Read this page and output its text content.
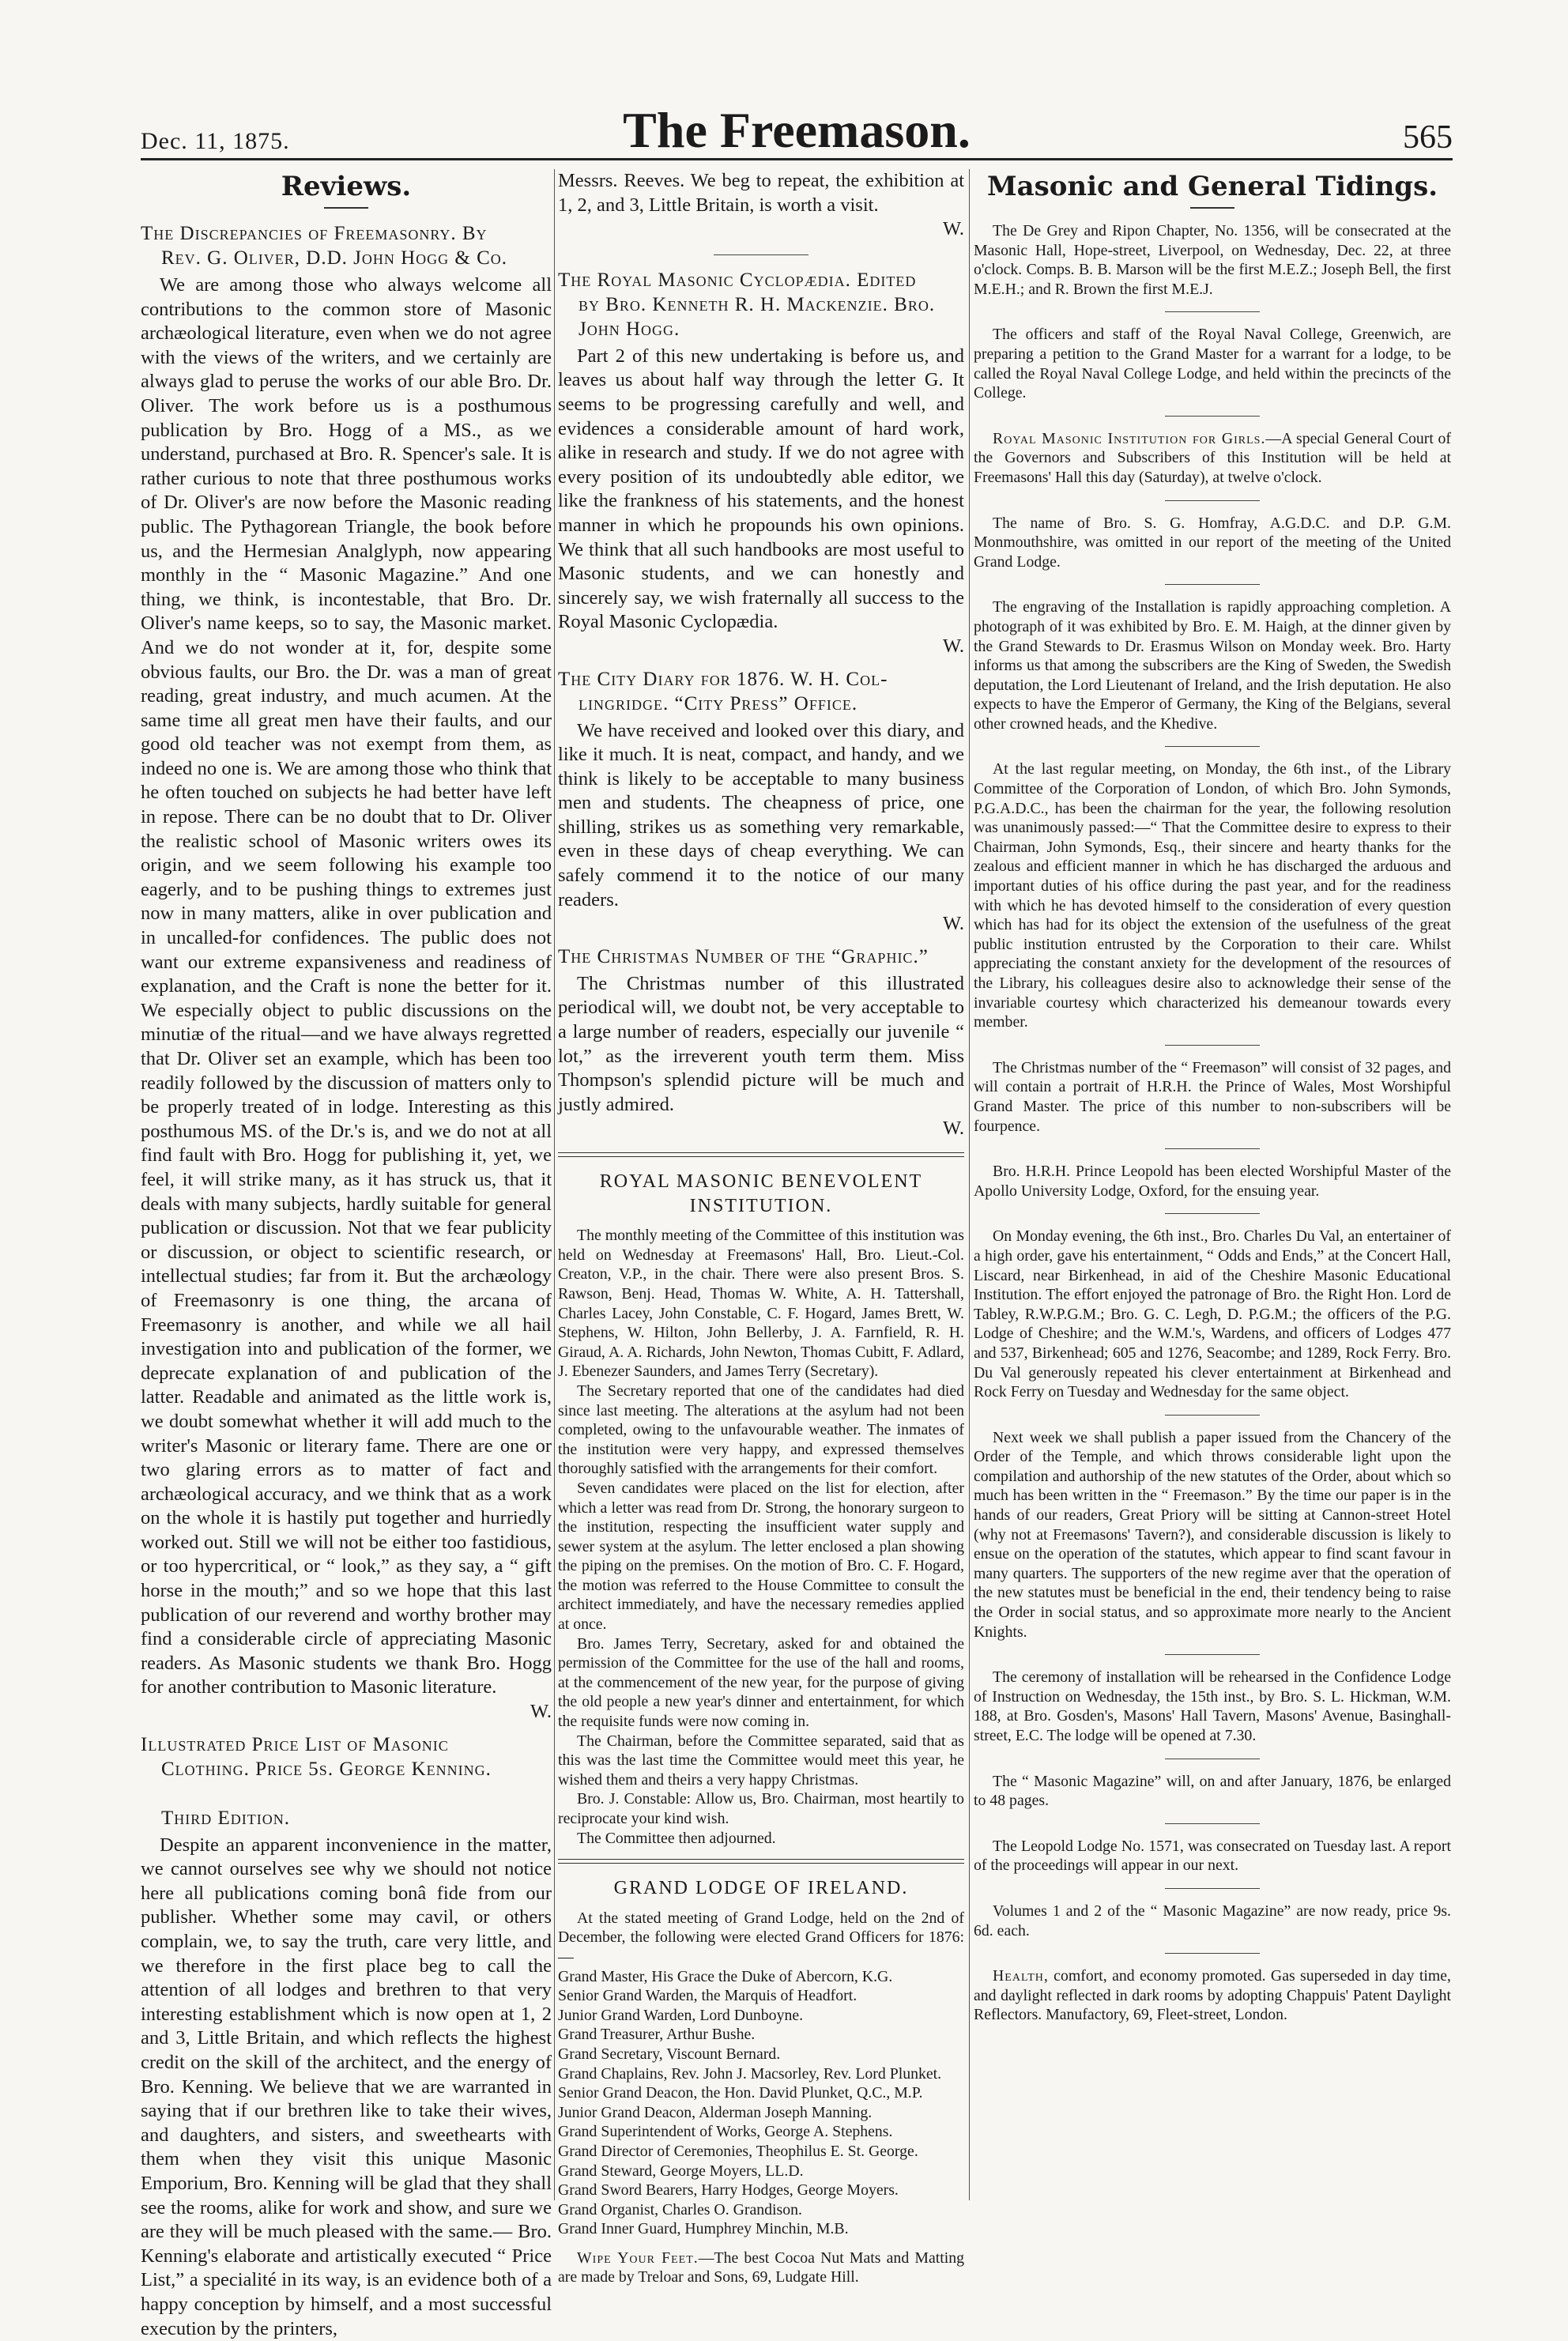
Dec. 11, 1875.	The Freemason.	565
Reviews.
The Discrepancies of Freemasonry. By

Rev. G. Oliver, D.D. John Hogg & Co.

We are among those who always welcome all contributions to the common store of Masonic archæological literature, even when we do not agree with the views of the writers, and we certainly are always glad to peruse the works of our able Bro. Dr. Oliver. The work before us is a posthumous publication by Bro. Hogg of a MS., as we understand, purchased at Bro. R. Spencer's sale. It is rather curious to note that three posthumous works of Dr. Oliver's are now before the Masonic reading public. The Pythagorean Triangle, the book before us, and the Hermesian Analglyph, now appearing monthly in the “ Masonic Magazine.” And one thing, we think, is incontestable, that Bro. Dr. Oliver's name keeps, so to say, the Masonic market. And we do not wonder at it, for, despite some obvious faults, our Bro. the Dr. was a man of great reading, great industry, and much acumen. At the same time all great men have their faults, and our good old teacher was not exempt from them, as indeed no one is. We are among those who think that he often touched on subjects he had better have left in repose. There can be no doubt that to Dr. Oliver the realistic school of Masonic writers owes its origin, and we seem following his example too eagerly, and to be pushing things to extremes just now in many matters, alike in over publication and in uncalled-for confidences. The public does not want our extreme expansiveness and readiness of explanation, and the Craft is none the better for it. We especially object to public discussions on the minutiæ of the ritual—and we have always regretted that Dr. Oliver set an example, which has been too readily followed by the discussion of matters only to be properly treated of in lodge. Interesting as this posthumous MS. of the Dr.'s is, and we do not at all find fault with Bro. Hogg for publishing it, yet, we feel, it will strike many, as it has struck us, that it deals with many subjects, hardly suitable for general publication or discussion. Not that we fear publicity or discussion, or object to scientific research, or intellectual studies; far from it. But the archæology of Freemasonry is one thing, the arcana of Freemasonry is another, and while we all hail investigation into and publication of the former, we deprecate explanation of and publication of the latter. Readable and animated as the little work is, we doubt somewhat whether it will add much to the writer's Masonic or literary fame. There are one or two glaring errors as to matter of fact and archæological accuracy, and we think that as a work on the whole it is hastily put together and hurriedly worked out. Still we will not be either too fastidious, or too hypercritical, or “ look,” as they say, a “ gift horse in the mouth;” and so we hope that this last publication of our reverend and worthy brother may find a considerable circle of appreciating Masonic readers. As Masonic students we thank Bro. Hogg for another contribution to Masonic literature.

W.
Illustrated Price List of Masonic

Clothing. Price 5s. George Kenning.

Third Edition.

Despite an apparent inconvenience in the matter, we cannot ourselves see why we should not notice here all publications coming bonâ fide from our publisher. Whether some may cavil, or others complain, we, to say the truth, care very little, and we therefore in the first place beg to call the attention of all lodges and brethren to that very interesting establishment which is now open at 1, 2 and 3, Little Britain, and which reflects the highest credit on the skill of the architect, and the energy of Bro. Kenning. We believe that we are warranted in saying that if our brethren like to take their wives, and daughters, and sisters, and sweethearts with them when they visit this unique Masonic Emporium, Bro. Kenning will be glad that they shall see the rooms, alike for work and show, and sure we are they will be much pleased with the same.— Bro. Kenning's elaborate and artistically executed “ Price List,” a specialité in its way, is an evidence both of a happy conception by himself, and a most successful execution by the printers,

Messrs. Reeves. We beg to repeat, the exhibition at 1, 2, and 3, Little Britain, is worth a visit.

W.
The Royal Masonic Cyclopædia. Edited

by Bro. Kenneth R. H. Mackenzie. Bro. John Hogg.

Part 2 of this new undertaking is before us, and leaves us about half way through the letter G. It seems to be progressing carefully and well, and evidences a considerable amount of hard work, alike in research and study. If we do not agree with every position of its undoubtedly able editor, we like the frankness of his statements, and the honest manner in which he propounds his own opinions. We think that all such handbooks are most useful to Masonic students, and we can honestly and sincerely say, we wish fraternally all success to the Royal Masonic Cyclopædia.

W.
The City Diary for 1876. W. H. Col-

lingridge. “City Press” Office.

We have received and looked over this diary, and like it much. It is neat, compact, and handy, and we think is likely to be acceptable to many business men and students. The cheapness of price, one shilling, strikes us as something very remarkable, even in these days of cheap everything. We can safely commend it to the notice of our many readers.

W.
The Christmas Number of the “Graphic.”

The Christmas number of this illustrated periodical will, we doubt not, be very acceptable to a large number of readers, especially our juvenile “ lot,” as the irreverent youth term them. Miss Thompson's splendid picture will be much and justly admired.

W.
ROYAL MASONIC BENEVOLENT INSTITUTION.

The monthly meeting of the Committee of this institution was held on Wednesday at Freemasons' Hall, Bro. Lieut.-Col. Creaton, V.P., in the chair. There were also present Bros. S. Rawson, Benj. Head, Thomas W. White, A. H. Tattershall, Charles Lacey, John Constable, C. F. Hogard, James Brett, W. Stephens, W. Hilton, John Bellerby, J. A. Farnfield, R. H. Giraud, A. A. Richards, John Newton, Thomas Cubitt, F. Adlard, J. Ebenezer Saunders, and James Terry (Secretary).

The Secretary reported that one of the candidates had died since last meeting. The alterations at the asylum had not been completed, owing to the unfavourable weather. The inmates of the institution were very happy, and expressed themselves thoroughly satisfied with the arrangements for their comfort.

Seven candidates were placed on the list for election, after which a letter was read from Dr. Strong, the honorary surgeon to the institution, respecting the insufficient water supply and sewer system at the asylum. The letter enclosed a plan showing the piping on the premises. On the motion of Bro. C. F. Hogard, the motion was referred to the House Committee to consult the architect immediately, and have the necessary remedies applied at once.

Bro. James Terry, Secretary, asked for and obtained the permission of the Committee for the use of the hall and rooms, at the commencement of the new year, for the purpose of giving the old people a new year's dinner and entertainment, for which the requisite funds were now coming in.

The Chairman, before the Committee separated, said that as this was the last time the Committee would meet this year, he wished them and theirs a very happy Christmas.

Bro. J. Constable: Allow us, Bro. Chairman, most heartily to reciprocate your kind wish.

The Committee then adjourned.

GRAND LODGE OF IRELAND.

At the stated meeting of Grand Lodge, held on the 2nd of December, the following were elected Grand Officers for 1876:—

Grand Master, His Grace the Duke of Abercorn, K.G.
Senior Grand Warden, the Marquis of Headfort.
Junior Grand Warden, Lord Dunboyne.
Grand Treasurer, Arthur Bushe.
Grand Secretary, Viscount Bernard.
Grand Chaplains, Rev. John J. Macsorley, Rev. Lord Plunket.
Senior Grand Deacon, the Hon. David Plunket, Q.C., M.P.
Junior Grand Deacon, Alderman Joseph Manning.
Grand Superintendent of Works, George A. Stephens.
Grand Director of Ceremonies, Theophilus E. St. George.
Grand Steward, George Moyers, LL.D.
Grand Sword Bearers, Harry Hodges, George Moyers.
Grand Organist, Charles O. Grandison.
Grand Inner Guard, Humphrey Minchin, M.B.

Wipe Your Feet.—The best Cocoa Nut Mats and Matting are made by Treloar and Sons, 69, Ludgate Hill.

Masonic and General Tidings.

The De Grey and Ripon Chapter, No. 1356, will be consecrated at the Masonic Hall, Hope-street, Liverpool, on Wednesday, Dec. 22, at three o'clock. Comps. B. B. Marson will be the first M.E.Z.; Joseph Bell, the first M.E.H.; and R. Brown the first M.E.J.

The officers and staff of the Royal Naval College, Greenwich, are preparing a petition to the Grand Master for a warrant for a lodge, to be called the Royal Naval College Lodge, and held within the precincts of the College.

Royal Masonic Institution for Girls.—A special General Court of the Governors and Subscribers of this Institution will be held at Freemasons' Hall this day (Saturday), at twelve o'clock.

The name of Bro. S. G. Homfray, A.G.D.C. and D.P. G.M. Monmouthshire, was omitted in our report of the meeting of the United Grand Lodge.

The engraving of the Installation is rapidly approaching completion. A photograph of it was exhibited by Bro. E. M. Haigh, at the dinner given by the Grand Stewards to Dr. Erasmus Wilson on Monday week. Bro. Harty informs us that among the subscribers are the King of Sweden, the Swedish deputation, the Lord Lieutenant of Ireland, and the Irish deputation. He also expects to have the Emperor of Germany, the King of the Belgians, several other crowned heads, and the Khedive.

At the last regular meeting, on Monday, the 6th inst., of the Library Committee of the Corporation of London, of which Bro. John Symonds, P.G.A.D.C., has been the chairman for the year, the following resolution was unanimously passed:—“ That the Committee desire to express to their Chairman, John Symonds, Esq., their sincere and hearty thanks for the zealous and efficient manner in which he has discharged the arduous and important duties of his office during the past year, and for the readiness with which he has devoted himself to the consideration of every question which has had for its object the extension of the usefulness of the great public institution entrusted by the Corporation to their care. Whilst appreciating the constant anxiety for the development of the resources of the Library, his colleagues desire also to acknowledge their sense of the invariable courtesy which characterized his demeanour towards every member.

The Christmas number of the “ Freemason” will consist of 32 pages, and will contain a portrait of H.R.H. the Prince of Wales, Most Worshipful Grand Master. The price of this number to non-subscribers will be fourpence.

Bro. H.R.H. Prince Leopold has been elected Worshipful Master of the Apollo University Lodge, Oxford, for the ensuing year.

On Monday evening, the 6th inst., Bro. Charles Du Val, an entertainer of a high order, gave his entertainment, “ Odds and Ends,” at the Concert Hall, Liscard, near Birkenhead, in aid of the Cheshire Masonic Educational Institution. The effort enjoyed the patronage of Bro. the Right Hon. Lord de Tabley, R.W.P.G.M.; Bro. G. C. Legh, D. P.G.M.; the officers of the P.G. Lodge of Cheshire; and the W.M.'s, Wardens, and officers of Lodges 477 and 537, Birkenhead; 605 and 1276, Seacombe; and 1289, Rock Ferry. Bro. Du Val generously repeated his clever entertainment at Birkenhead and Rock Ferry on Tuesday and Wednesday for the same object.

Next week we shall publish a paper issued from the Chancery of the Order of the Temple, and which throws considerable light upon the compilation and authorship of the new statutes of the Order, about which so much has been written in the “ Freemason.” By the time our paper is in the hands of our readers, Great Priory will be sitting at Cannon-street Hotel (why not at Freemasons' Tavern?), and considerable discussion is likely to ensue on the operation of the statutes, which appear to find scant favour in many quarters. The supporters of the new regime aver that the operation of the new statutes must be beneficial in the end, their tendency being to raise the Order in social status, and so approximate more nearly to the Ancient Knights.

The ceremony of installation will be rehearsed in the Confidence Lodge of Instruction on Wednesday, the 15th inst., by Bro. S. L. Hickman, W.M. 188, at Bro. Gosden's, Masons' Hall Tavern, Masons' Avenue, Basinghall-street, E.C. The lodge will be opened at 7.30.

The “ Masonic Magazine” will, on and after January, 1876, be enlarged to 48 pages.

The Leopold Lodge No. 1571, was consecrated on Tuesday last. A report of the proceedings will appear in our next.

Volumes 1 and 2 of the “ Masonic Magazine” are now ready, price 9s. 6d. each.

Health, comfort, and economy promoted. Gas superseded in day time, and daylight reflected in dark rooms by adopting Chappuis' Patent Daylight Reflectors. Manufactory, 69, Fleet-street, London.
